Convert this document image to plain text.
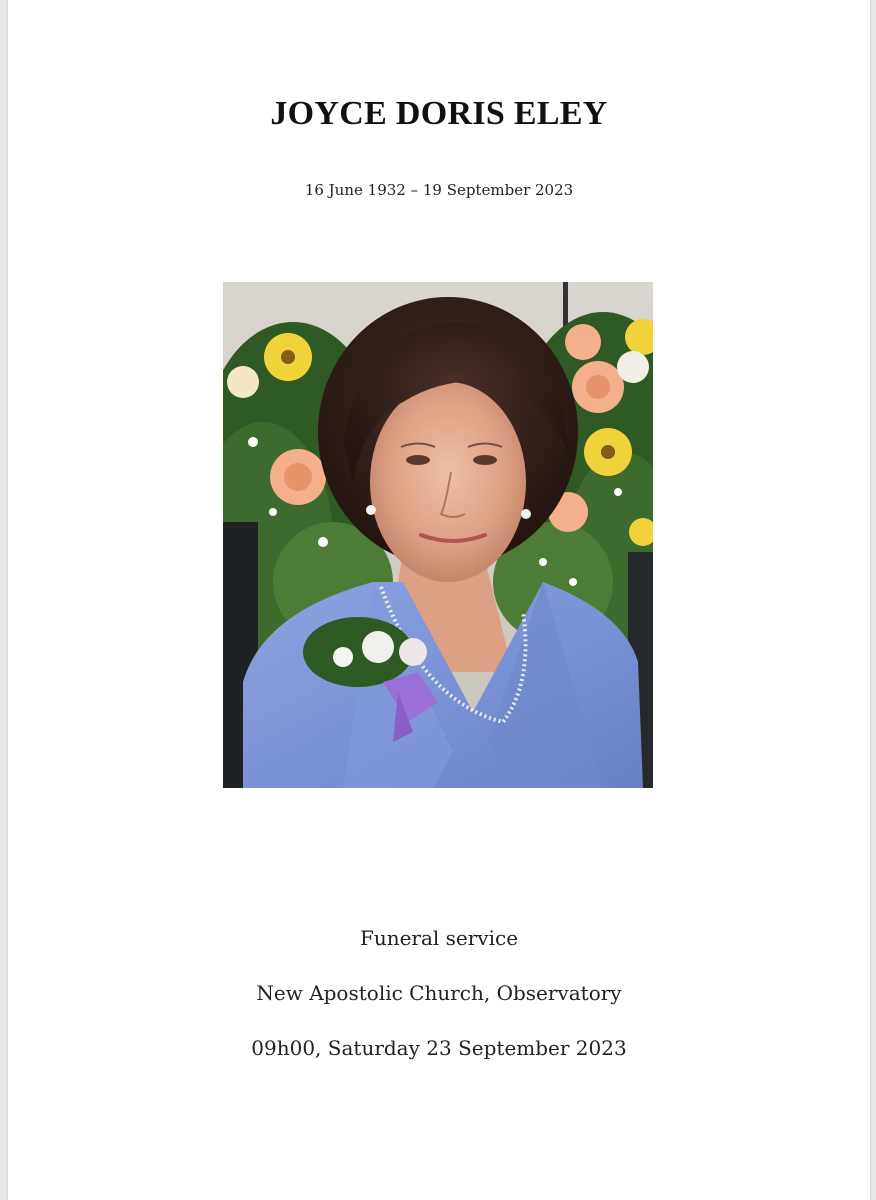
JOYCE DORIS ELEY
16 June 1932 – 19 September 2023
Funeral service
New Apostolic Church, Observatory
09h00, Saturday 23 September 2023
